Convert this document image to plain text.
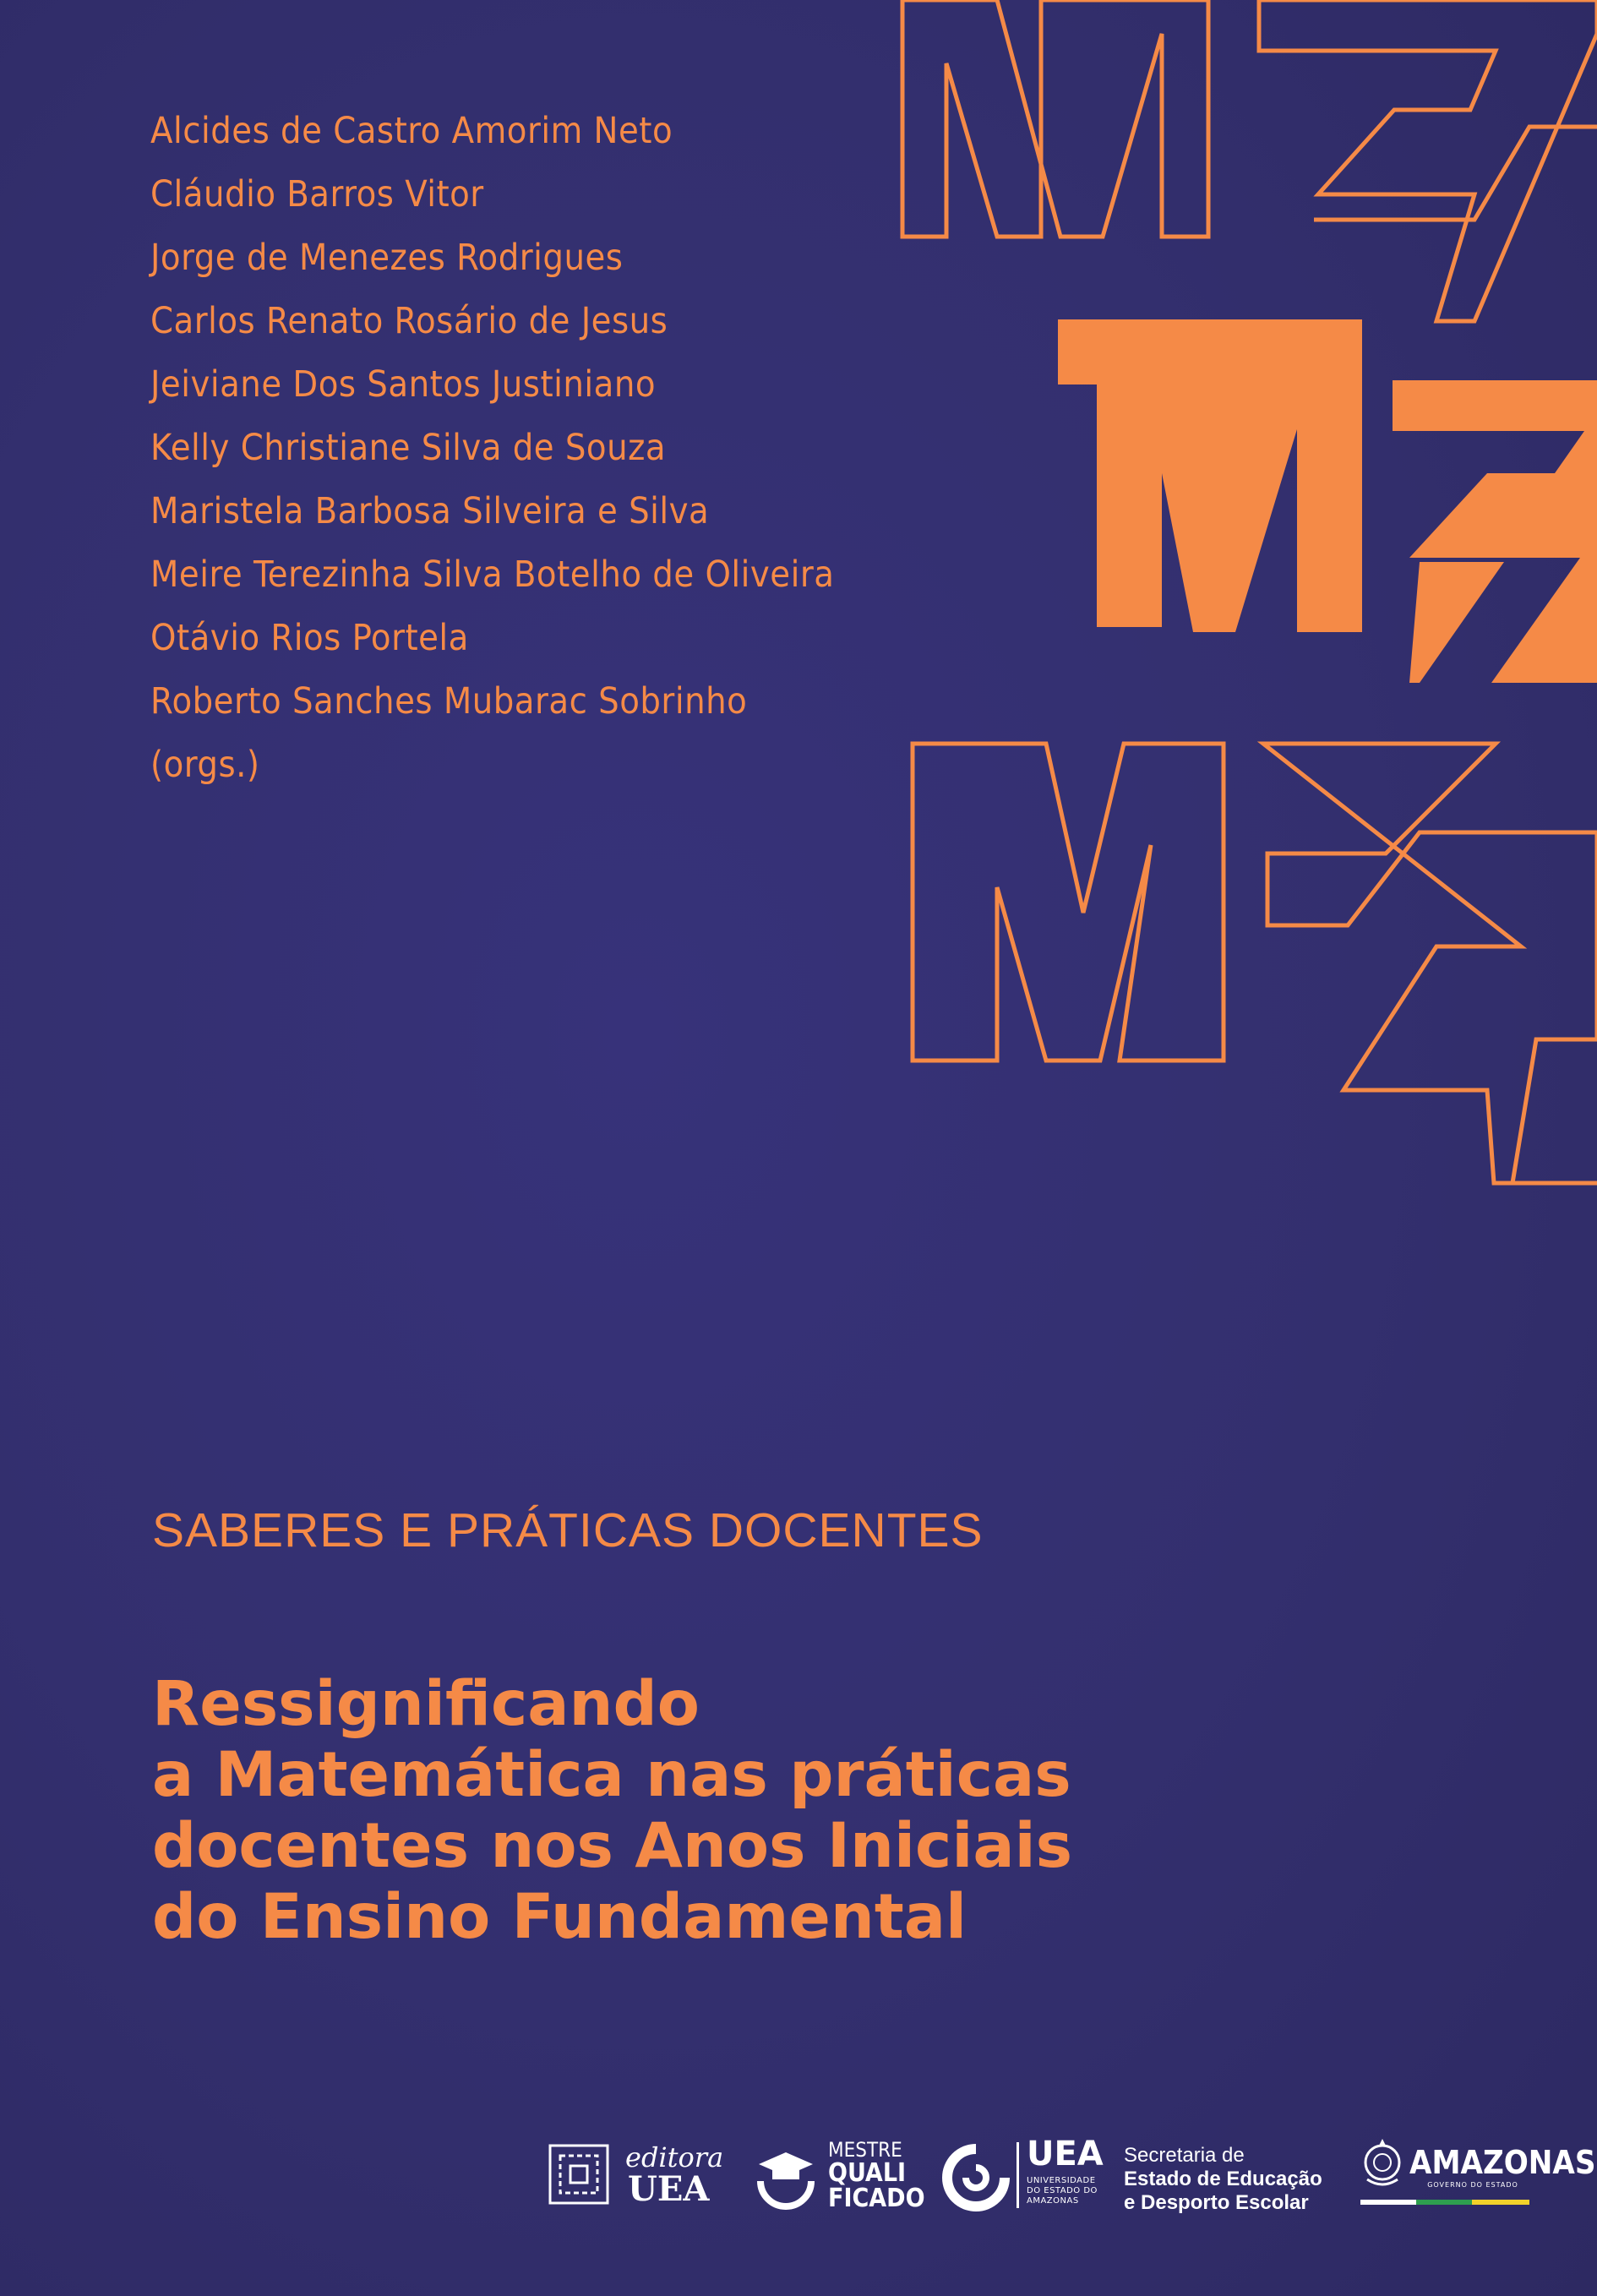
Alcides de Castro Amorim Neto
Cláudio Barros Vitor
Jorge de Menezes Rodrigues
Carlos Renato Rosário de Jesus
Jeiviane Dos Santos Justiniano
Kelly Christiane Silva de Souza
Maristela Barbosa Silveira e Silva
Meire Terezinha Silva Botelho de Oliveira
Otávio Rios Portela
Roberto Sanches Mubarac Sobrinho
(orgs.)
SABERES E PRÁTICAS DOCENTES
Ressignificando
a Matemática nas práticas
docentes nos Anos Iniciais
do Ensino Fundamental
editora
UEA
MESTRE
QUALI
FICADO
UEA
UNIVERSIDADE
DO ESTADO DO
AMAZONAS
Secretaria de
Estado de Educação
e Desporto Escolar
AMAZONAS
GOVERNO DO ESTADO
